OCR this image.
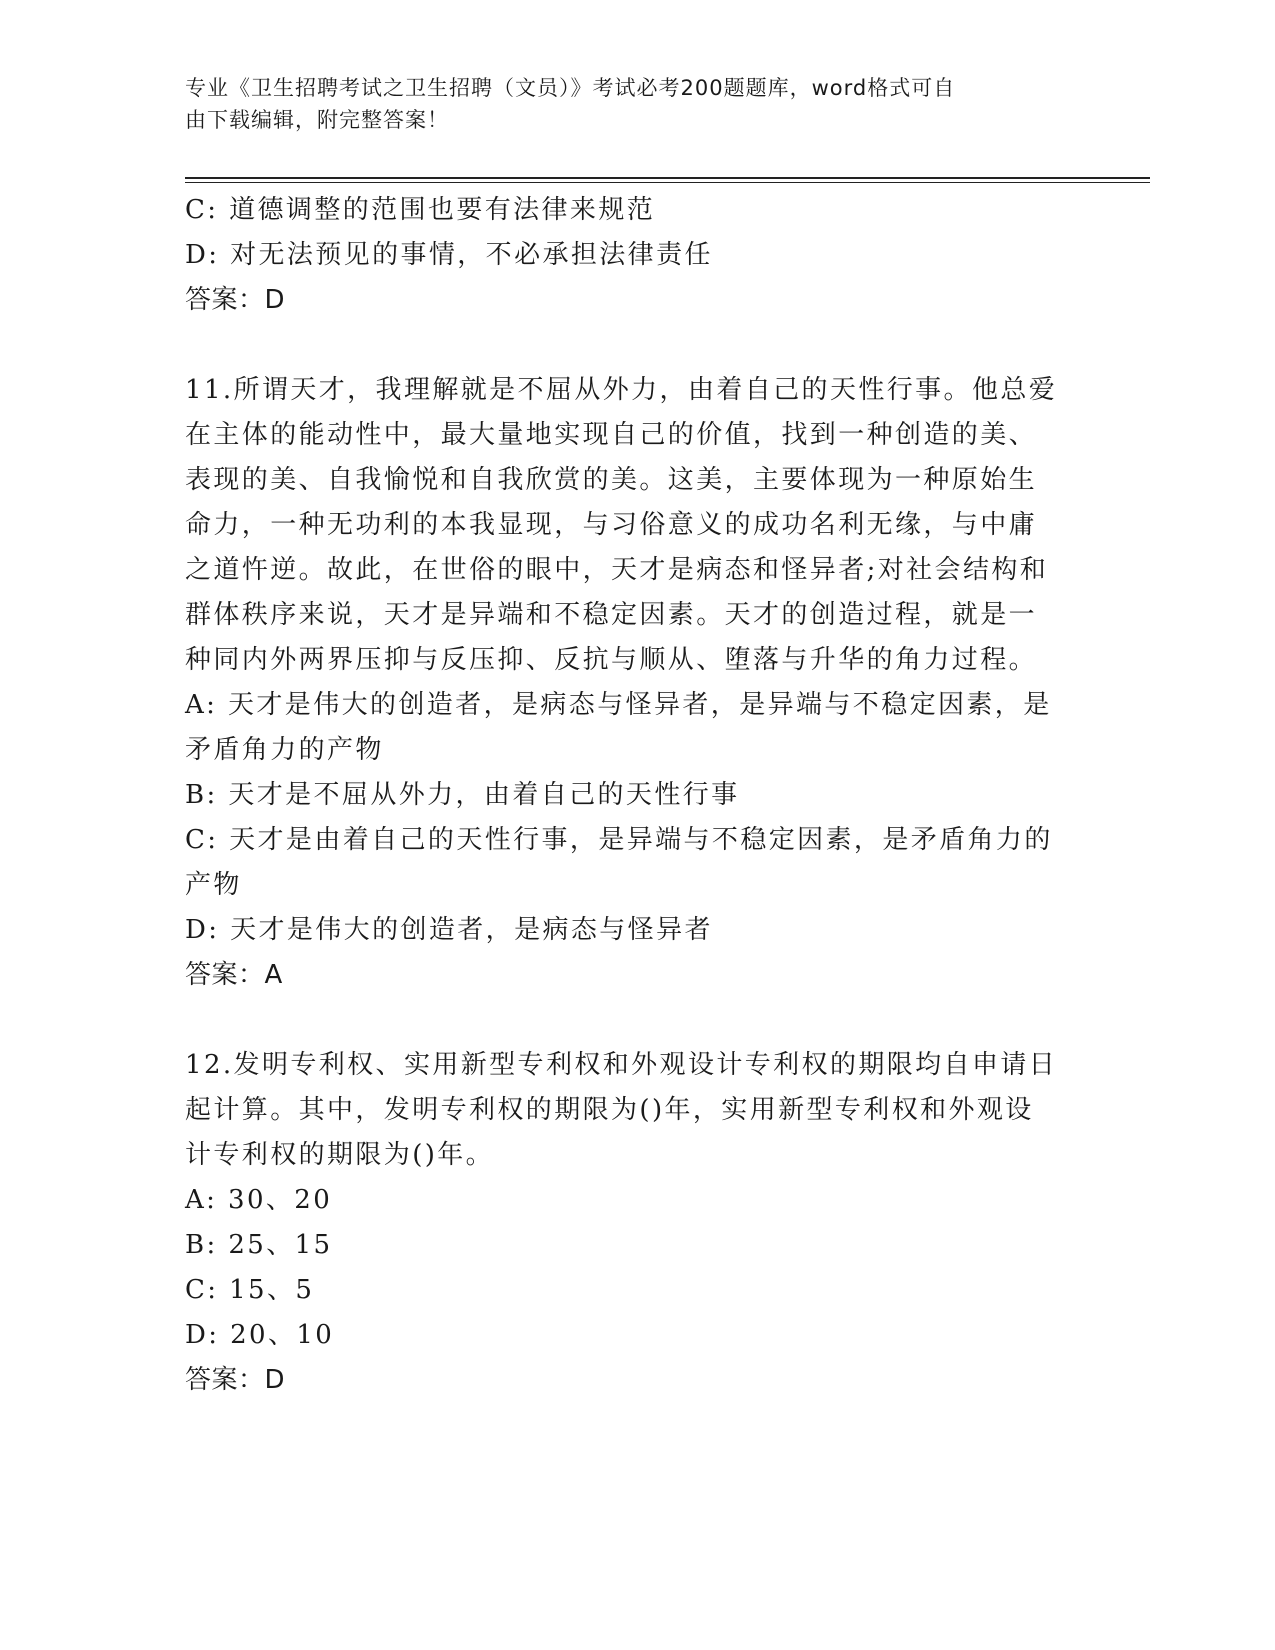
专业《卫生招聘考试之卫生招聘（文员）》考试必考200题题库，word格式可自
由下载编辑，附完整答案！
C: 道德调整的范围也要有法律来规范
D: 对无法预见的事情，不必承担法律责任
答案：D
11.所谓天才，我理解就是不屈从外力，由着自己的天性行事。他总爱
在主体的能动性中，最大量地实现自己的价值，找到一种创造的美、
表现的美、自我愉悦和自我欣赏的美。这美，主要体现为一种原始生
命力，一种无功利的本我显现，与习俗意义的成功名利无缘，与中庸
之道忤逆。故此，在世俗的眼中，天才是病态和怪异者;对社会结构和
群体秩序来说，天才是异端和不稳定因素。天才的创造过程，就是一
种同内外两界压抑与反压抑、反抗与顺从、堕落与升华的角力过程。
A: 天才是伟大的创造者，是病态与怪异者，是异端与不稳定因素，是
矛盾角力的产物
B: 天才是不屈从外力，由着自己的天性行事
C: 天才是由着自己的天性行事，是异端与不稳定因素，是矛盾角力的
产物
D: 天才是伟大的创造者，是病态与怪异者
答案：A
12.发明专利权、实用新型专利权和外观设计专利权的期限均自申请日
起计算。其中，发明专利权的期限为()年，实用新型专利权和外观设
计专利权的期限为()年。
A: 30、20
B: 25、15
C: 15、5
D: 20、10
答案：D
